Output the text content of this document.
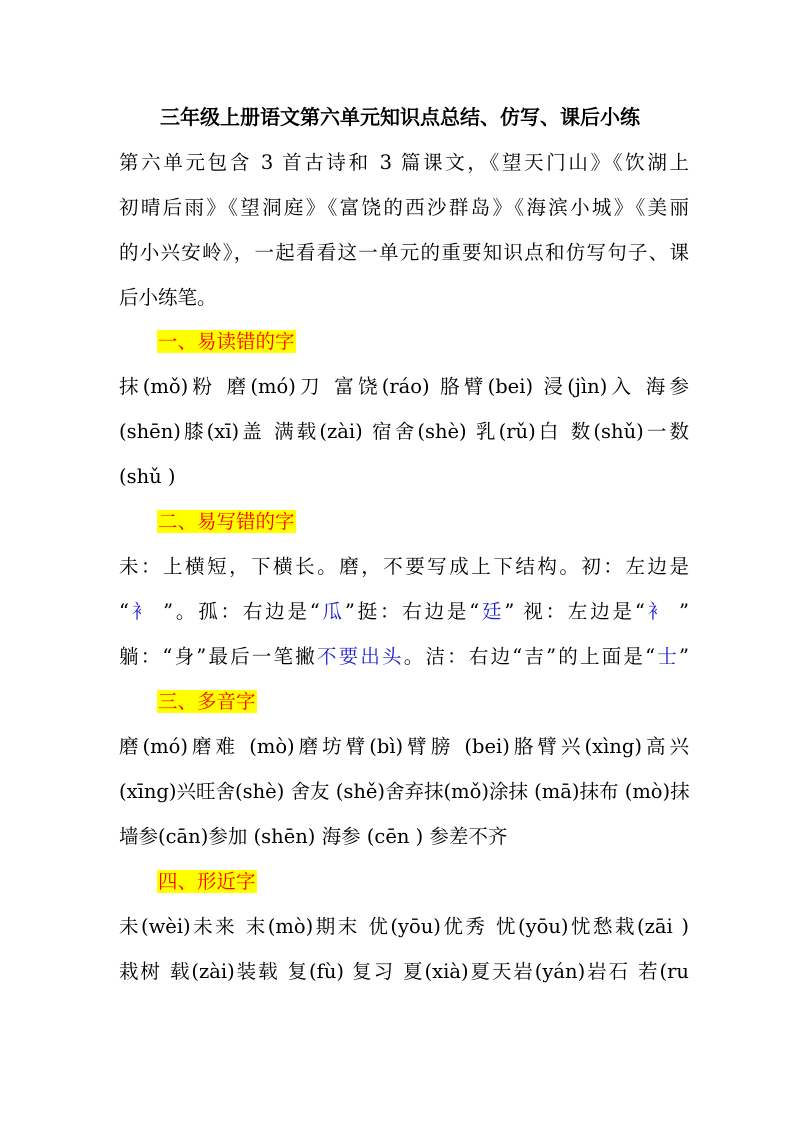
三年级上册语文第六单元知识点总结、仿写、课后小练
第六单元包含 3 首古诗和 3 篇课文，《望天门山》《饮湖上
初晴后雨》《望洞庭》《富饶的西沙群岛》《海滨小城》《美丽
的小兴安岭》，一起看看这一单元的重要知识点和仿写句子、课
后小练笔。
一、易读错的字
抹(mǒ)粉 磨(mó)刀 富饶(ráo) 胳臂(bei) 浸(jìn)入 海参
(shēn)膝(xī)盖 满载(zài) 宿舍(shè) 乳(rǔ)白 数(shǔ)一数
(shǔ )
二、易写错的字
未：上横短，下横长。磨，不要写成上下结构。初：左边是
“衤 ”。孤：右边是“瓜”挺：右边是“廷” 视：左边是“衤 ”
躺：“身”最后一笔撇不要出头。洁：右边“吉”的上面是“士”
三、多音字
磨(mó)磨难 (mò)磨坊臂(bì)臂膀 (bei)胳臂兴(xìng)高兴
(xīng)兴旺舍(shè) 舍友 (shě)舍弃抹(mǒ)涂抹 (mā)抹布 (mò)抹
墙参(cān)参加 (shēn) 海参 (cēn ) 参差不齐
四、形近字
未(wèi)未来 末(mò)期末 优(yōu)优秀 忧(yōu)忧愁栽(zāi )
栽树 载(zài)装载 复(fù) 复习 夏(xià)夏天岩(yán)岩石 若(ru
